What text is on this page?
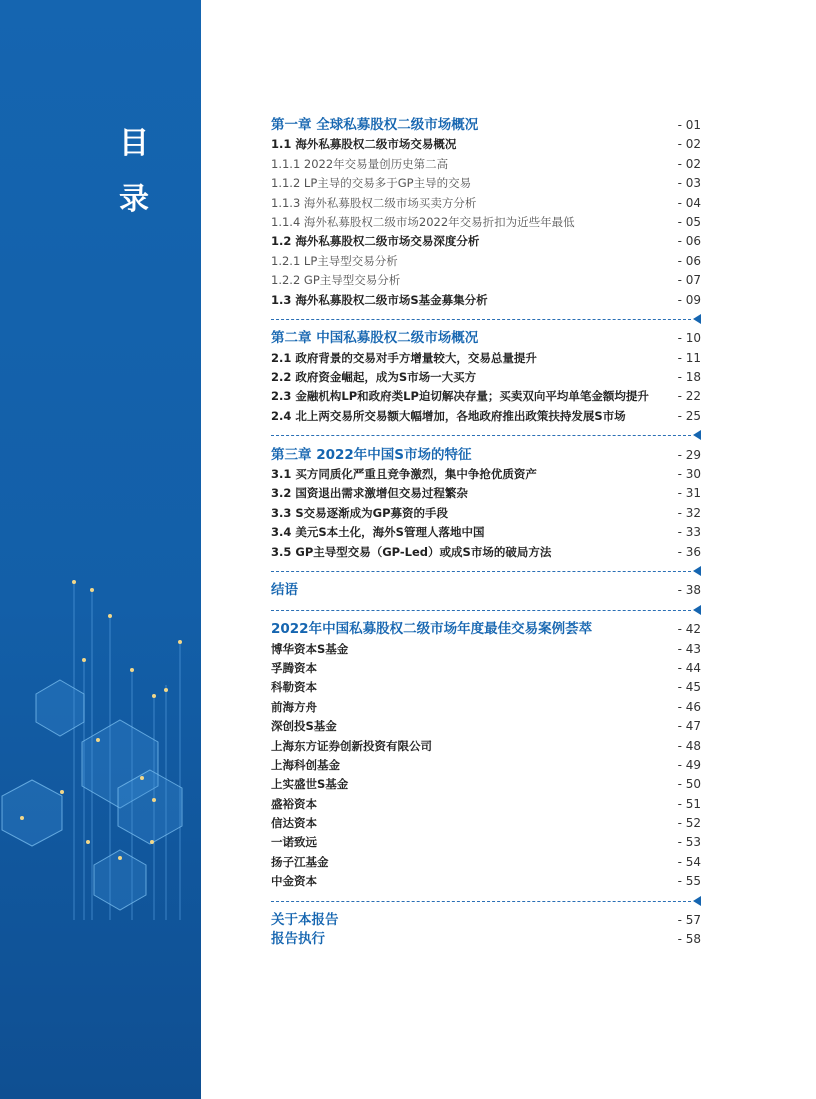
目
录
第一章 全球私募股权二级市场概况	- 01
1.1 海外私募股权二级市场交易概况	- 02
1.1.1 2022年交易量创历史第二高	- 02
1.1.2 LP主导的交易多于GP主导的交易	- 03
1.1.3 海外私募股权二级市场买卖方分析	- 04
1.1.4 海外私募股权二级市场2022年交易折扣为近些年最低	- 05
1.2 海外私募股权二级市场交易深度分析	- 06
1.2.1 LP主导型交易分析	- 06
1.2.2 GP主导型交易分析	- 07
1.3 海外私募股权二级市场S基金募集分析	- 09
第二章 中国私募股权二级市场概况	- 10
2.1 政府背景的交易对手方增量较大，交易总量提升	- 11
2.2 政府资金崛起，成为S市场一大买方	- 18
2.3 金融机构LP和政府类LP迫切解决存量；买卖双向平均单笔金额均提升 - 22
2.4 北上两交易所交易额大幅增加，各地政府推出政策扶持发展S市场	- 25
第三章 2022年中国S市场的特征	- 29
3.1 买方同质化严重且竞争激烈，集中争抢优质资产	- 30
3.2 国资退出需求激增但交易过程繁杂	- 31
3.3 S交易逐渐成为GP募资的手段	- 32
3.4 美元S本土化，海外S管理人落地中国	- 33
3.5 GP主导型交易（GP-Led）或成S市场的破局方法	- 36
结语	- 38
2022年中国私募股权二级市场年度最佳交易案例荟萃	- 42
博华资本S基金	- 43
孚腾资本	- 44
科勒资本	- 45
前海方舟	- 46
深创投S基金	- 47
上海东方证券创新投资有限公司	- 48
上海科创基金	- 49
上实盛世S基金	- 50
盛裕资本	- 51
信达资本	- 52
一诺致远	- 53
扬子江基金	- 54
中金资本	- 55
关于本报告	- 57
报告执行	- 58
